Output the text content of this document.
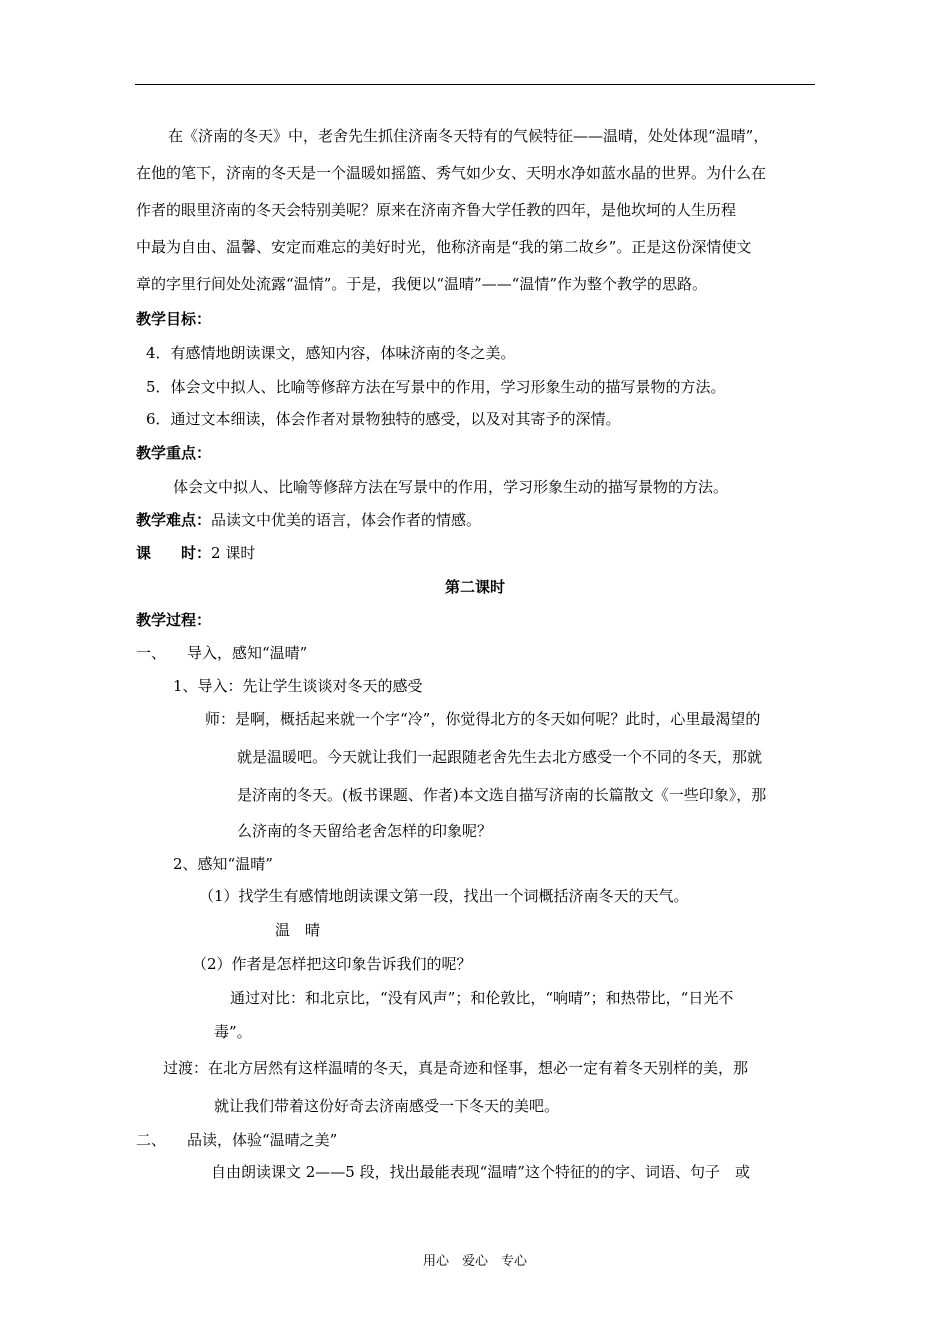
在《济南的冬天》中，老舍先生抓住济南冬天特有的气候特征——温晴，处处体现“温晴”，
在他的笔下，济南的冬天是一个温暖如摇篮、秀气如少女、天明水净如蓝水晶的世界。为什么在
作者的眼里济南的冬天会特别美呢？原来在济南齐鲁大学任教的四年，是他坎坷的人生历程
中最为自由、温馨、安定而难忘的美好时光，他称济南是“我的第二故乡”。正是这份深情使文
章的字里行间处处流露“温情”。于是，我便以“温晴”——“温情”作为整个教学的思路。
教学目标：
4．有感情地朗读课文，感知内容，体味济南的冬之美。
5．体会文中拟人、比喻等修辞方法在写景中的作用，学习形象生动的描写景物的方法。
6．通过文本细读，体会作者对景物独特的感受，以及对其寄予的深情。
教学重点：
体会文中拟人、比喻等修辞方法在写景中的作用，学习形象生动的描写景物的方法。
教学难点：品读文中优美的语言，体会作者的情感。
课　　时：2 课时
第二课时
教学过程：
一、 导入，感知“温晴”
1、导入：先让学生谈谈对冬天的感受
师：是啊，概括起来就一个字“冷”，你觉得北方的冬天如何呢？此时，心里最渴望的
就是温暖吧。今天就让我们一起跟随老舍先生去北方感受一个不同的冬天，那就
是济南的冬天。(板书课题、作者)本文选自描写济南的长篇散文《一些印象》，那
么济南的冬天留给老舍怎样的印象呢？
2、感知“温晴”
（1）找学生有感情地朗读课文第一段，找出一个词概括济南冬天的天气。
温　晴
（2）作者是怎样把这印象告诉我们的呢？
通过对比：和北京比，“没有风声”；和伦敦比，“响晴”；和热带比，“日光不
毒”。
过渡：在北方居然有这样温晴的冬天，真是奇迹和怪事，想必一定有着冬天别样的美，那
就让我们带着这份好奇去济南感受一下冬天的美吧。
二、 品读，体验“温晴之美”
自由朗读课文 2——5 段，找出最能表现“温晴”这个特征的的字、词语、句子　或
用心　爱心　专心
